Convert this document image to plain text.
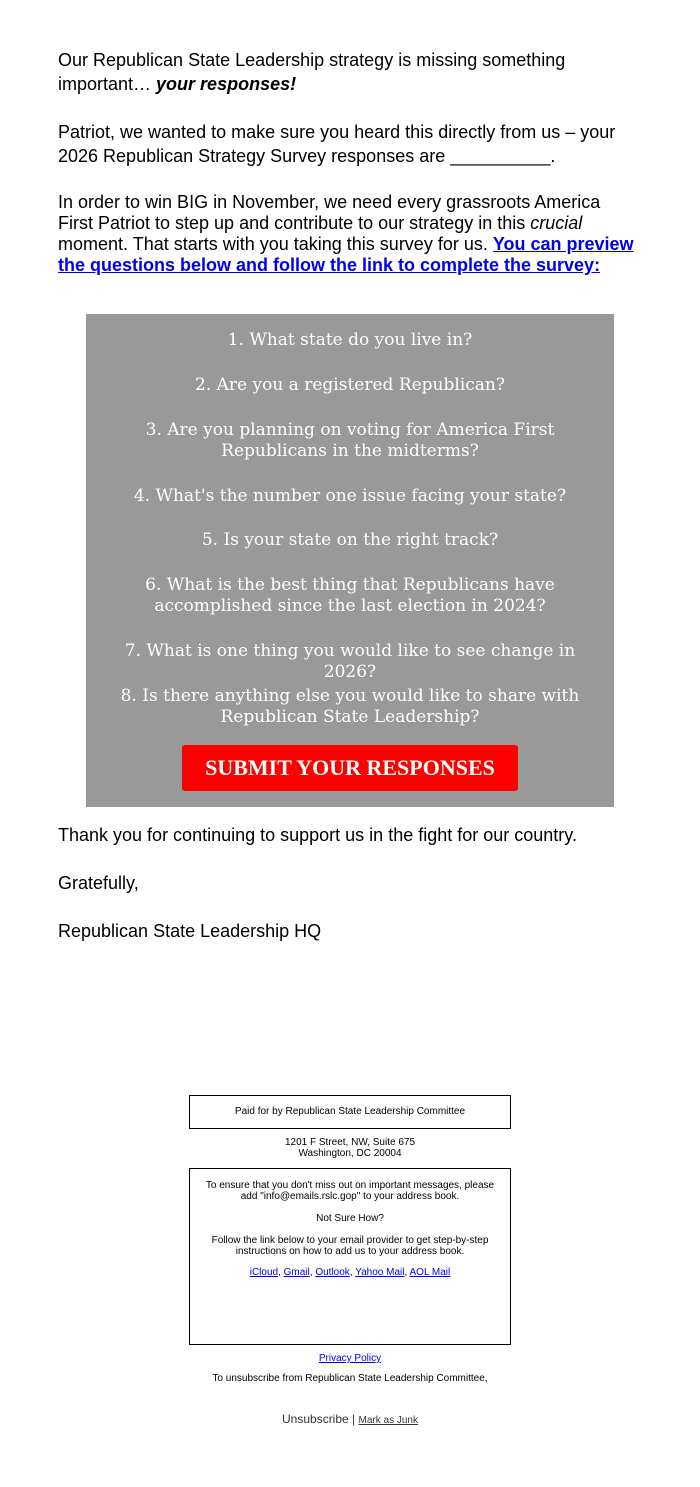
Our Republican State Leadership strategy is missing something important… your responses!

Patriot, we wanted to make sure you heard this directly from us – your 2026 Republican Strategy Survey responses are __________.

In order to win BIG in November, we need every grassroots America First Patriot to step up and contribute to our strategy in this crucial moment. That starts with you taking this survey for us. You can preview the questions below and follow the link to complete the survey:

1. What state do you live in?
2. Are you a registered Republican?
3. Are you planning on voting for America First Republicans in the midterms?
4. What's the number one issue facing your state?
5. Is your state on the right track?
6. What is the best thing that Republicans have accomplished since the last election in 2024?
7. What is one thing you would like to see change in 2026?
8. Is there anything else you would like to share with Republican State Leadership?
SUBMIT YOUR RESPONSES
Thank you for continuing to support us in the fight for our country.
Gratefully,
Republican State Leadership HQ
Paid for by Republican State Leadership Committee
1201 F Street, NW, Suite 675
Washington, DC 20004
To ensure that you don't miss out on important messages, please add "info@emails.rslc.gop" to your address book.
Not Sure How?
Follow the link below to your email provider to get step-by-step instructions on how to add us to your address book.
iCloud, Gmail, Outlook, Yahoo Mail, AOL Mail
Privacy Policy
To unsubscribe from Republican State Leadership Committee,
Unsubscribe | Mark as Junk
